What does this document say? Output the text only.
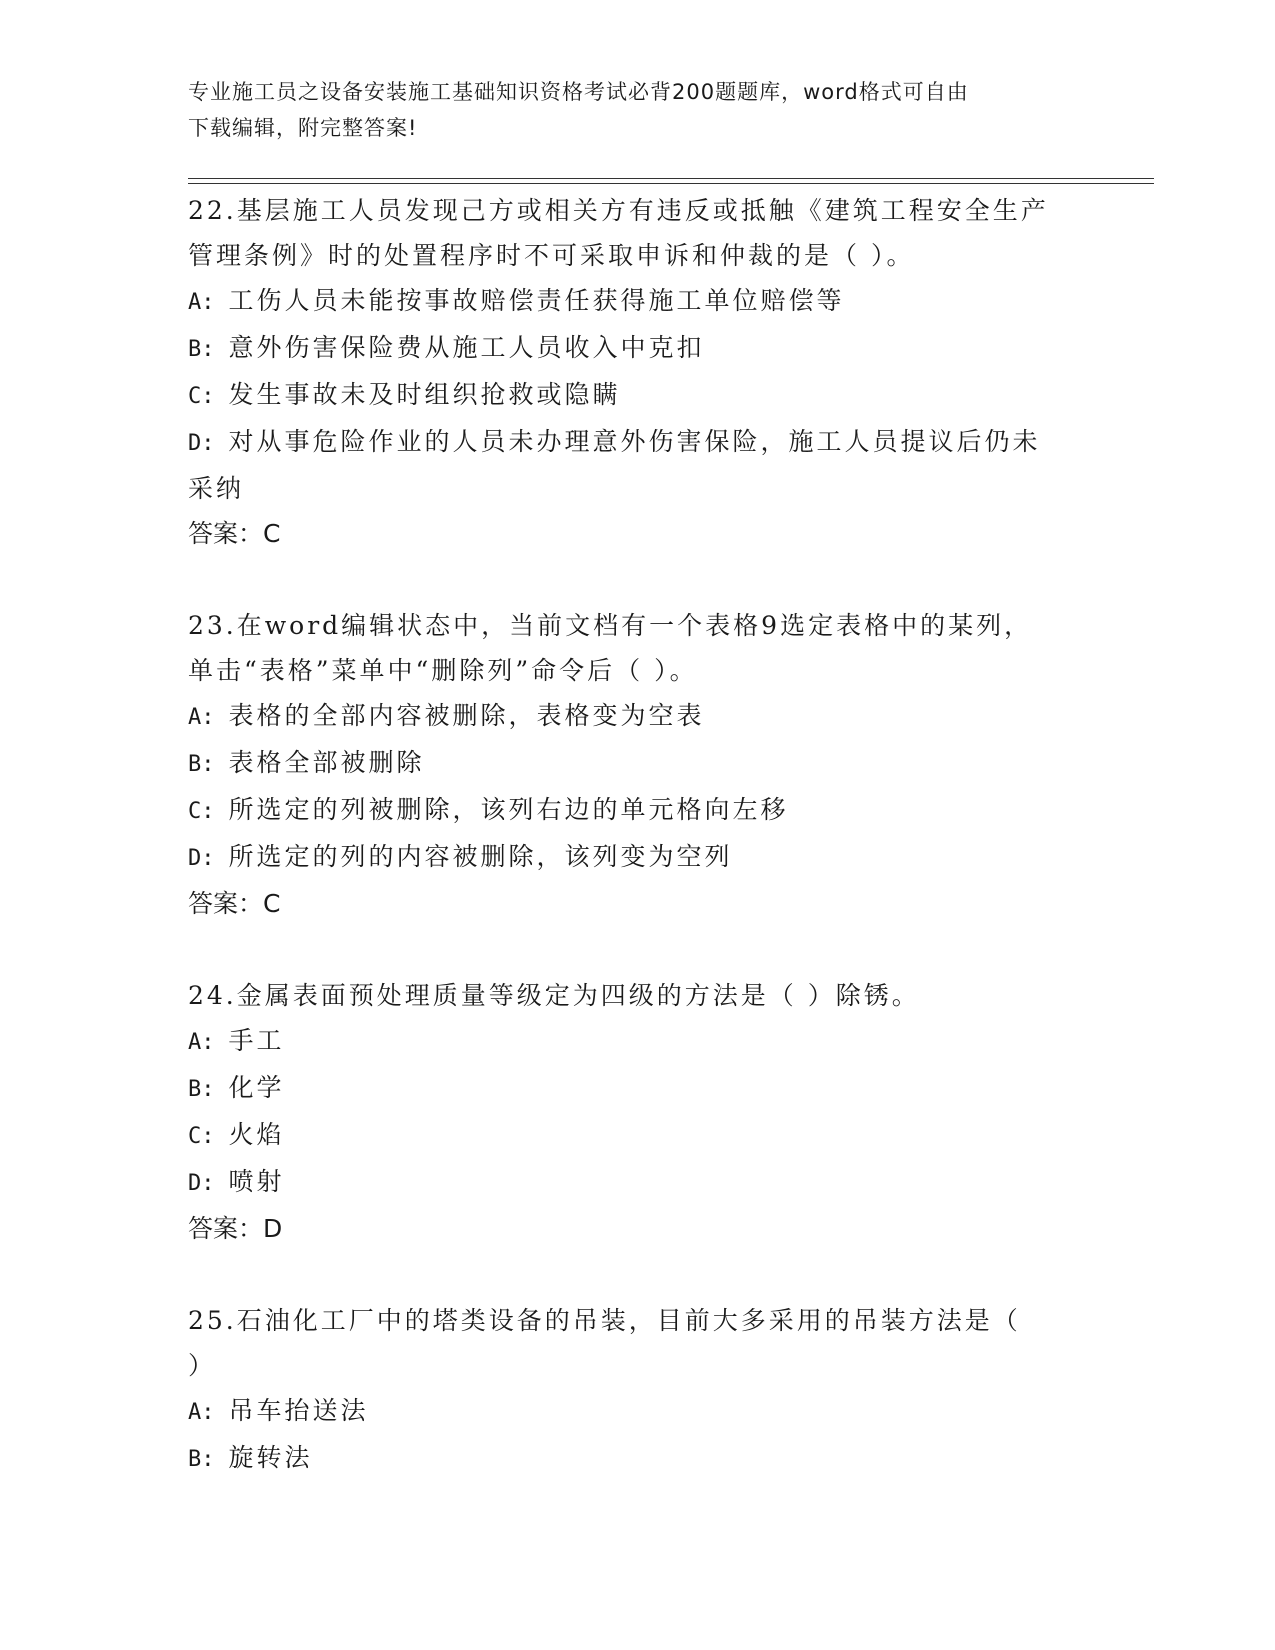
专业施工员之设备安装施工基础知识资格考试必背200题题库，word格式可自由
下载编辑，附完整答案!
22.基层施工人员发现己方或相关方有违反或抵触《建筑工程安全生产
管理条例》时的处置程序时不可采取申诉和仲裁的是（ ）。
A: 工伤人员未能按事故赔偿责任获得施工单位赔偿等
B: 意外伤害保险费从施工人员收入中克扣
C: 发生事故未及时组织抢救或隐瞒
D: 对从事危险作业的人员未办理意外伤害保险，施工人员提议后仍未
采纳
答案：C
23.在word编辑状态中，当前文档有一个表格9选定表格中的某列，
单击“表格”菜单中“删除列”命令后（ ）。
A: 表格的全部内容被删除，表格变为空表
B: 表格全部被删除
C: 所选定的列被删除，该列右边的单元格向左移
D: 所选定的列的内容被删除，该列变为空列
答案：C
24.金属表面预处理质量等级定为四级的方法是（ ）除锈。
A: 手工
B: 化学
C: 火焰
D: 喷射
答案：D
25.石油化工厂中的塔类设备的吊装，目前大多采用的吊装方法是（
）
A: 吊车抬送法
B: 旋转法
